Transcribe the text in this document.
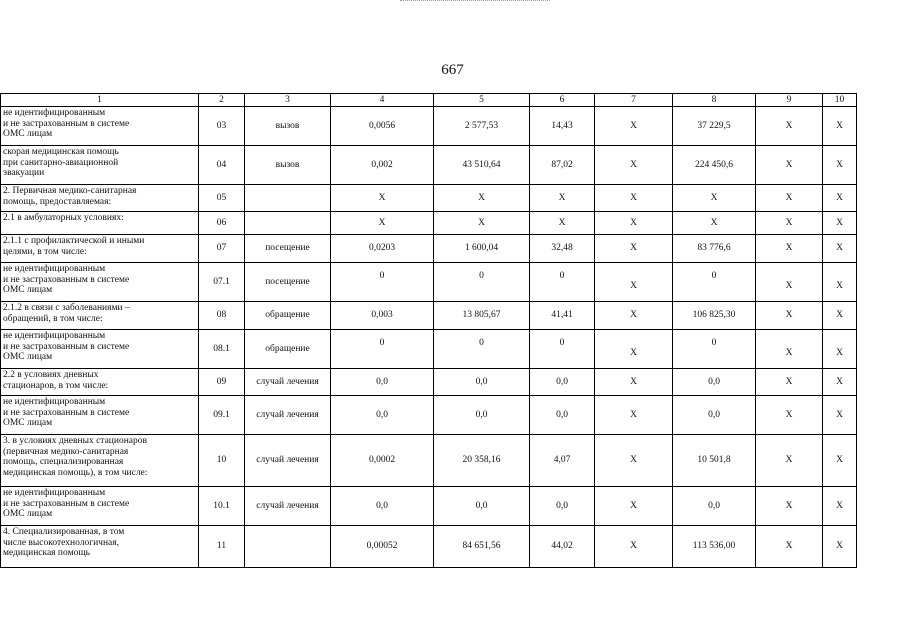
667
1	2	3	4	5	6	7	8	9	10
не идентифицированным
и не застрахованным в системе
ОМС лицам	03	вызов	0,0056	2 577,53	14,43	Х	37 229,5	Х	Х
скорая медицинская помощь
при санитарно-авиационной
эвакуации	04	вызов	0,002	43 510,64	87,02	Х	224 450,6	Х	Х
2. Первичная медико-санитарная
помощь, предоставляемая:	05		Х	Х	Х	Х	Х	Х	Х
2.1 в амбулаторных условиях:	06		Х	Х	Х	Х	Х	Х	Х
2.1.1 с профилактической и иными
целями, в том числе:	07	посещение	0,0203	1 600,04	32,48	Х	83 776,6	Х	Х
не идентифицированным
и не застрахованным в системе
ОМС лицам	07.1	посещение	0	0	0	Х	0	Х	Х
2.1.2 в связи с заболеваниями –
обращений, в том числе:	08	обращение	0,003	13 805,67	41,41	Х	106 825,30	Х	Х
не идентифицированным
и не застрахованным в системе
ОМС лицам	08.1	обращение	0	0	0	Х	0	Х	Х
2.2 в условиях дневных
стационаров, в том числе:	09	случай лечения	0,0	0,0	0,0	Х	0,0	Х	Х
не идентифицированным
и не застрахованным в системе
ОМС лицам	09.1	случай лечения	0,0	0,0	0,0	Х	0,0	Х	Х
3. в условиях дневных стационаров
(первичная медико-санитарная
помощь, специализированная
медицинская помощь), в том числе:	10	случай лечения	0,0002	20 358,16	4,07	Х	10 501,8	Х	Х
не идентифицированным
и не застрахованным в системе
ОМС лицам	10.1	случай лечения	0,0	0,0	0,0	Х	0,0	Х	Х
4. Специализированная, в том
числе высокотехнологичная,
медицинская помощь	11		0,00052	84 651,56	44,02	Х	113 536,00	Х	Х
